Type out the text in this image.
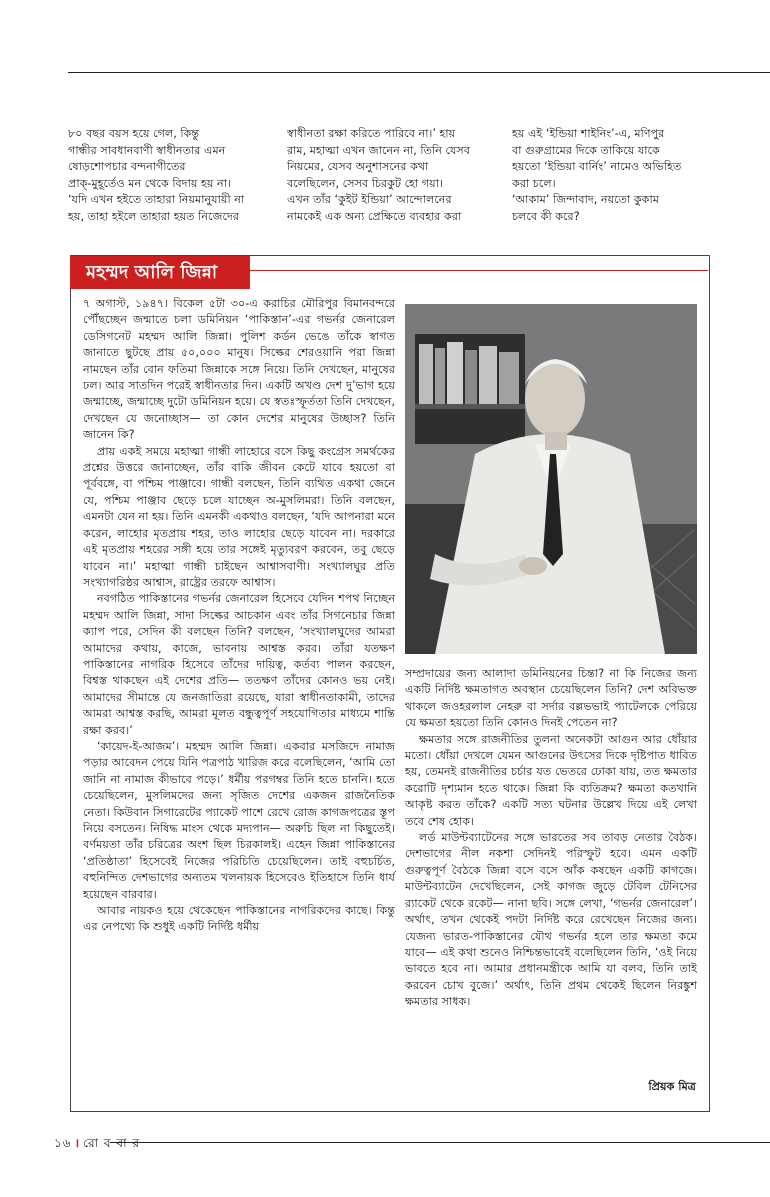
৮০ বছর বয়স হয়ে গেল, কিন্তু
গান্ধীর সাবধানবাণী স্বাধীনতার এমন
ষোড়শোপচার বন্দনাগীতের
প্রাক্‌-মুহূর্তেও মন থেকে বিদায় হয় না।
‘যদি এখন হইতে তাহারা নিয়মানুযায়ী না
হয়, তাহা হইলে তাহারা হয়ত নিজেদের
স্বাধীনতা রক্ষা করিতে পারিবে না।’ হায়
রাম, মহাত্মা এখন জানেন না, তিনি যেসব
নিয়মের, যেসব অনুশাসনের কথা
বলেছিলেন, সেসব চিরকুট হো গয়া।
এখন তাঁর ‘কুইট ইন্ডিয়া’ আন্দোলনের
নামকেই এক অন্য প্রেক্ষিতে ব্যবহার করা
হয় এই ‘ইন্ডিয়া শাইনিং’-এ, মণিপুর
বা গুরুগ্রামের দিকে তাকিয়ে যাকে
হয়তো ‘ইন্ডিয়া বার্নিং’ নামেও অভিহিত
করা চলে।
‘আকাম’ জিন্দাবাদ, নয়তো কুকাম
চলবে কী করে?
মহম্মদ আলি জিন্না

৭ অগাস্ট, ১৯৪৭। বিকেল ৫টা ৩০-এ করাচির মৌরিপুর বিমানবন্দরে পৌঁছচ্ছেন জন্মাতে চলা ডমিনিয়ন ‘পাকিস্তান’-এর গভর্নর জেনারেল ডেসিগনেট মহম্মদ আলি জিন্না। পুলিশ কর্ডন ভেঙে তাঁকে স্বাগত জানাতে ছুটছে প্রায় ৫০,০০০ মানুষ। সিল্কের শেরওয়ানি পরা জিন্না নামছেন তাঁর বোন ফতিমা জিন্নাকে সঙ্গে নিয়ে। তিনি দেখছেন, মানুষের ঢল। আর সাতদিন পরেই স্বাধীনতার দিন। একটি অখণ্ড দেশ দু’ভাগ হয়ে জন্মাচ্ছে, জন্মাচ্ছে দুটো ডমিনিয়ন হয়ে। যে স্বতঃস্ফূর্ততা তিনি দেখছেন, দেখছেন যে জনোচ্ছাস— তা কোন দেশের মানুষের উচ্ছাস? তিনি জানেন কি?

প্রায় একই সময়ে মহাত্মা গান্ধী লাহোরে বসে কিছু কংগ্রেস সমর্থকের প্রশ্নের উত্তরে জানাচ্ছেন, তাঁর বাকি জীবন কেটে যাবে হয়তো বা পূর্ববঙ্গে, বা পশ্চিম পাঞ্জাবে। গান্ধী বলছেন, তিনি ব্যথিত একথা জেনে যে, পশ্চিম পাঞ্জাব ছেড়ে চলে যাচ্ছেন অ-মুসলিমরা। তিনি বলছেন, এমনটা যেন না হয়। তিনি এমনকী একথাও বলছেন, ‘যদি আপনারা মনে করেন, লাহোর মৃতপ্রায় শহর, তাও লাহোর ছেড়ে যাবেন না। দরকারে এই মৃতপ্রায় শহরের সঙ্গী হয়ে তার সঙ্গেই মৃত্যুবরণ করবেন, তবু ছেড়ে যাবেন না।’ মহাত্মা গান্ধী চাইছেন আশ্বাসবাণী। সংখ্যালঘুর প্রতি সংখ্যাগরিষ্ঠর আশ্বাস, রাষ্ট্রের তরফে আশ্বাস।

নবগঠিত পাকিস্তানের গভর্নর জেনারেল হিসেবে যেদিন শপথ নিচ্ছেন মহম্মদ আলি জিন্না, সাদা সিল্কের আচকান এবং তাঁর সিগনেচার জিন্না ক্যাপ পরে, সেদিন কী বলছেন তিনি? বলছেন, ‘সংখ্যালঘুদের আমরা আমাদের কথায়, কাজে, ভাবনায় আশ্বস্ত করব। তাঁরা যতক্ষণ পাকিস্তানের নাগরিক হিসেবে তাঁদের দায়িত্ব, কর্তব্য পালন করছেন, বিশ্বস্ত থাকছেন এই দেশের প্রতি— ততক্ষণ তাঁদের কোনও ভয় নেই। আমাদের সীমান্তে যে জনজাতিরা রয়েছে, যারা স্বাধীনতাকামী, তাদের আমরা আশ্বস্ত করছি, আমরা মূলত বন্ধুত্বপূর্ণ সহযোগিতার মাধ্যমে শান্তি রক্ষা করব।’

‘কায়েদ-ই-আজম’। মহম্মদ আলি জিন্না। একবার মসজিদে নামাজ পড়ার আবেদন পেয়ে যিনি পত্রপাঠ খারিজ করে বলেছিলেন, ‘আমি তো জানি না নামাজ কীভাবে পড়ে।’ ধর্মীয় পরগম্বর তিনি হতে চাননি। হতে চেয়েছিলেন, মুসলিমদের জন্য সৃজিত দেশের একজন রাজনৈতিক নেতা। কিউবান সিগারেটের প্যাকেট পাশে রেখে রোজ কাগজপত্রের স্তূপ নিয়ে বসতেন। নিষিদ্ধ মাংস থেকে মদ্যপান— অরুচি ছিল না কিছুতেই। বর্ণময়তা তাঁর চরিত্রের অংশ ছিল চিরকালই। এহেন জিন্না পাকিস্তানের ‘প্রতিষ্ঠাতা’ হিসেবেই নিজের পরিচিতি চেয়েছিলেন। তাই বহুচর্চিত, বহুনিন্দিত দেশভাগের অন্যতম খলনায়ক হিসেবেও ইতিহাসে তিনি ধার্য হয়েছেন বারবার।

আবার নায়কও হয়ে থেকেছেন পাকিস্তানের নাগরিকদের কাছে। কিন্তু এর নেপথ্যে কি শুধুই একটি নির্দিষ্ট ধর্মীয়

সম্প্রদায়ের জন্য আলাদা ডমিনিয়নের চিন্তা? না কি নিজের জন্য একটি নির্দিষ্ট ক্ষমতাগত অবস্থান চেয়েছিলেন তিনি? দেশ অবিভক্ত থাকলে জওহরলাল নেহরু বা সর্দার বল্লভভাই প্যাটেলকে পেরিয়ে যে ক্ষমতা হয়তো তিনি কোনও দিনই পেতেন না?

ক্ষমতার সঙ্গে রাজনীতির তুলনা অনেকটা আগুন আর ধোঁয়ার মতো। ধোঁয়া দেখলে যেমন আগুনের উৎসের দিকে দৃষ্টিপাত ধাবিত হয়, তেমনই রাজনীতির চর্চার যত ভেতরে ঢোকা যায়, তত ক্ষমতার করোটি দৃশ্যমান হতে থাকে। জিন্না কি ব্যতিক্রম? ক্ষমতা কতখানি আকৃষ্ট করত তাঁকে? একটি সত্য ঘটনার উল্লেখ দিয়ে এই লেখা তবে শেষ হোক।

লর্ড মাউন্টব্যাটেনের সঙ্গে ভারতের সব তাবড় নেতার বৈঠক। দেশভাগের নীল নকশা সেদিনই পরিস্ফুট হবে। এমন একটি গুরুত্বপূর্ণ বৈঠকে জিন্না বসে বসে আঁক কষছেন একটি কাগজে। মাউন্টব্যাটেন দেখেছিলেন, সেই কাগজ জুড়ে টেবিল টেনিসের র‍্যাকেট থেকে রকেট— নানা ছবি। সঙ্গে লেখা, ‘গভর্নর জেনারেল’। অর্থাৎ, তখন থেকেই পদটা নির্দিষ্ট করে রেখেছেন নিজের জন্য। যেজন্য ভারত-পাকিস্তানের যৌথ গভর্নর হলে তার ক্ষমতা কমে যাবে— এই কথা শুনেও নিশ্চিন্তভাবেই বলেছিলেন তিনি, ‘ওই নিয়ে ভাবতে হবে না। আমার প্রধানমন্ত্রীকে আমি যা বলব, তিনি তাই করবেন চোখ বুজে।’ অর্থাৎ, তিনি প্রথম থেকেই ছিলেন নিরঙ্কুশ ক্ষমতার সাধক।

প্রিয়ক মিত্র
১৬ । রো ব বা র
